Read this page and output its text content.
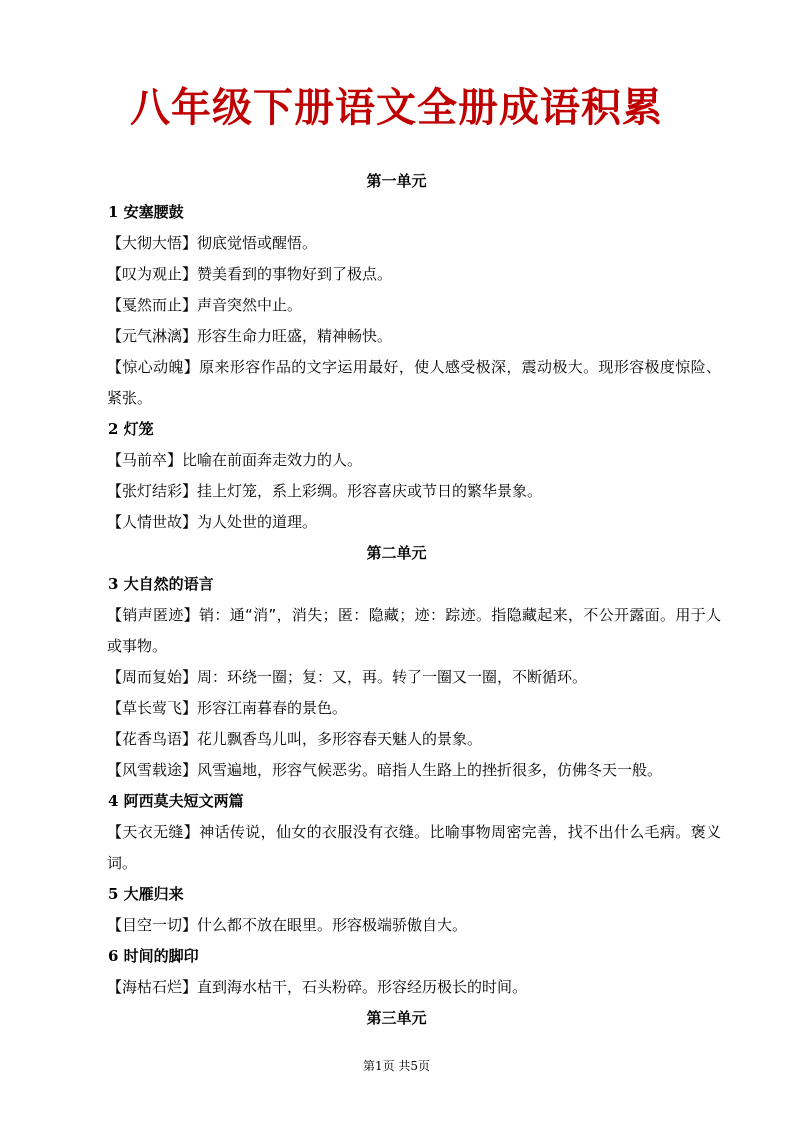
八年级下册语文全册成语积累
第一单元
1 安塞腰鼓
【大彻大悟】彻底觉悟或醒悟。
【叹为观止】赞美看到的事物好到了极点。
【戛然而止】声音突然中止。
【元气淋漓】形容生命力旺盛，精神畅快。
【惊心动魄】原来形容作品的文字运用最好，使人感受极深，震动极大。现形容极度惊险、紧张。
2 灯笼
【马前卒】比喻在前面奔走效力的人。
【张灯结彩】挂上灯笼，系上彩绸。形容喜庆或节日的繁华景象。
【人情世故】为人处世的道理。
第二单元
3 大自然的语言
【销声匿迹】销：通“消”，消失；匿：隐藏；迹：踪迹。指隐藏起来，不公开露面。用于人或事物。
【周而复始】周：环绕一圈；复：又，再。转了一圈又一圈，不断循环。
【草长莺飞】形容江南暮春的景色。
【花香鸟语】花儿飘香鸟儿叫，多形容春天魅人的景象。
【风雪载途】风雪遍地，形容气候恶劣。暗指人生路上的挫折很多，仿佛冬天一般。
4 阿西莫夫短文两篇
【天衣无缝】神话传说，仙女的衣服没有衣缝。比喻事物周密完善，找不出什么毛病。褒义词。
5 大雁归来
【目空一切】什么都不放在眼里。形容极端骄傲自大。
6 时间的脚印
【海枯石烂】直到海水枯干，石头粉碎。形容经历极长的时间。
第三单元
第1页 共5页
